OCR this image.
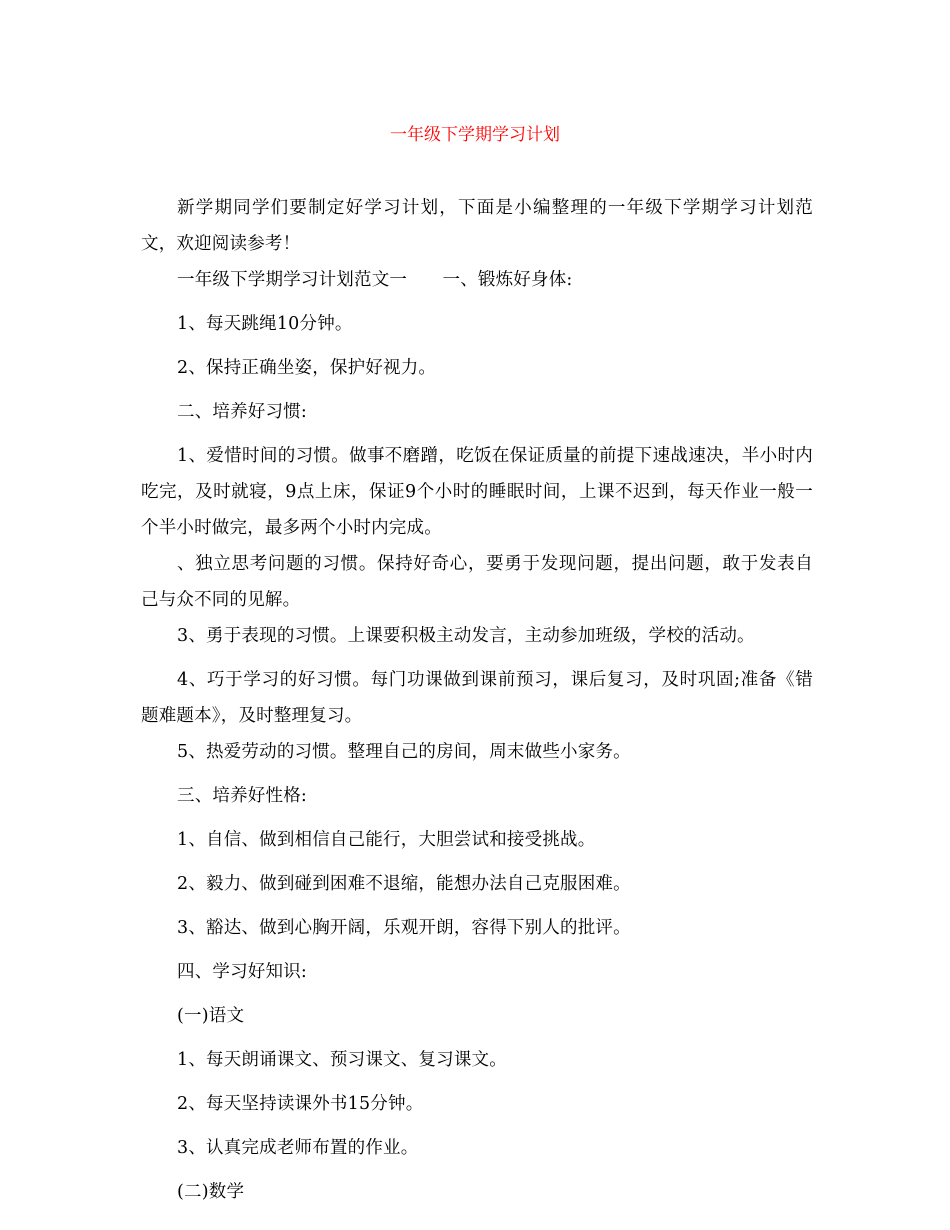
一年级下学期学习计划

新学期同学们要制定好学习计划，下面是小编整理的一年级下学期学习计划范文，欢迎阅读参考！

一年级下学期学习计划范文一　　一、锻炼好身体:

1、每天跳绳10分钟。

2、保持正确坐姿，保护好视力。

二、培养好习惯:

1、爱惜时间的习惯。做事不磨蹭，吃饭在保证质量的前提下速战速决，半小时内吃完，及时就寝，9点上床，保证9个小时的睡眠时间，上课不迟到，每天作业一般一个半小时做完，最多两个小时内完成。

、独立思考问题的习惯。保持好奇心，要勇于发现问题，提出问题，敢于发表自己与众不同的见解。

3、勇于表现的习惯。上课要积极主动发言，主动参加班级，学校的活动。

4、巧于学习的好习惯。每门功课做到课前预习，课后复习，及时巩固;准备《错题难题本》，及时整理复习。

5、热爱劳动的习惯。整理自己的房间，周末做些小家务。

三、培养好性格:

1、自信、做到相信自己能行，大胆尝试和接受挑战。

2、毅力、做到碰到困难不退缩，能想办法自己克服困难。

3、豁达、做到心胸开阔，乐观开朗，容得下别人的批评。

四、学习好知识:

(一)语文

1、每天朗诵课文、预习课文、复习课文。

2、每天坚持读课外书15分钟。

3、认真完成老师布置的作业。

(二)数学
